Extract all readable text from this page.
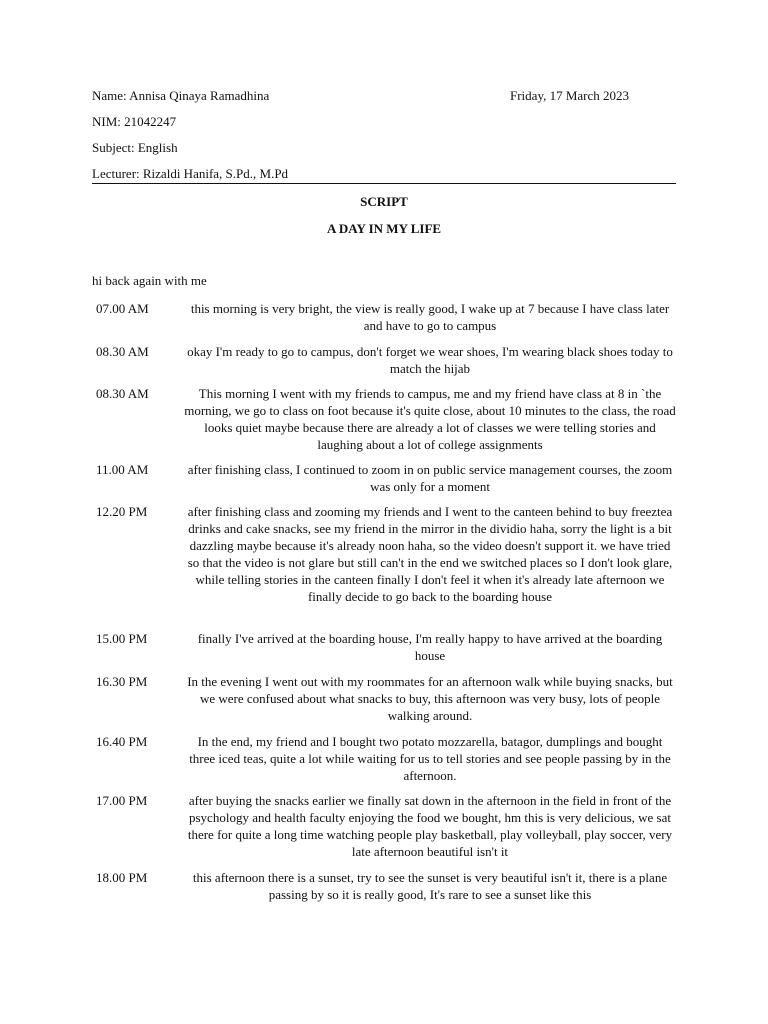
Name: Annisa Qinaya Ramadhina	Friday, 17 March 2023
NIM: 21042247
Subject: English
Lecturer: Rizaldi Hanifa, S.Pd., M.Pd
SCRIPT
A DAY IN MY LIFE
hi back again with me
07.00 AM	this morning is very bright, the view is really good, I wake up at 7 because I have class later and have to go to campus
08.30 AM	okay I'm ready to go to campus, don't forget we wear shoes, I'm wearing black shoes today to match the hijab
08.30 AM	This morning I went with my friends to campus, me and my friend have class at 8 in `the morning, we go to class on foot because it's quite close, about 10 minutes to the class, the road looks quiet maybe because there are already a lot of classes we were telling stories and laughing about a lot of college assignments
11.00 AM	after finishing class, I continued to zoom in on public service management courses, the zoom was only for a moment
12.20 PM	after finishing class and zooming my friends and I went to the canteen behind to buy freeztea drinks and cake snacks, see my friend in the mirror in the dividio haha, sorry the light is a bit dazzling maybe because it's already noon haha, so the video doesn't support it. we have tried so that the video is not glare but still can't in the end we switched places so I don't look glare, while telling stories in the canteen finally I don't feel it when it's already late afternoon we finally decide to go back to the boarding house
15.00 PM	finally I've arrived at the boarding house, I'm really happy to have arrived at the boarding house
16.30 PM	In the evening I went out with my roommates for an afternoon walk while buying snacks, but we were confused about what snacks to buy, this afternoon was very busy, lots of people walking around.
16.40 PM	In the end, my friend and I bought two potato mozzarella, batagor, dumplings and bought three iced teas, quite a lot while waiting for us to tell stories and see people passing by in the afternoon.
17.00 PM	after buying the snacks earlier we finally sat down in the afternoon in the field in front of the psychology and health faculty enjoying the food we bought, hm this is very delicious, we sat there for quite a long time watching people play basketball, play volleyball, play soccer, very late afternoon beautiful isn't it
18.00 PM	this afternoon there is a sunset, try to see the sunset is very beautiful isn't it, there is a plane passing by so it is really good, It's rare to see a sunset like this
